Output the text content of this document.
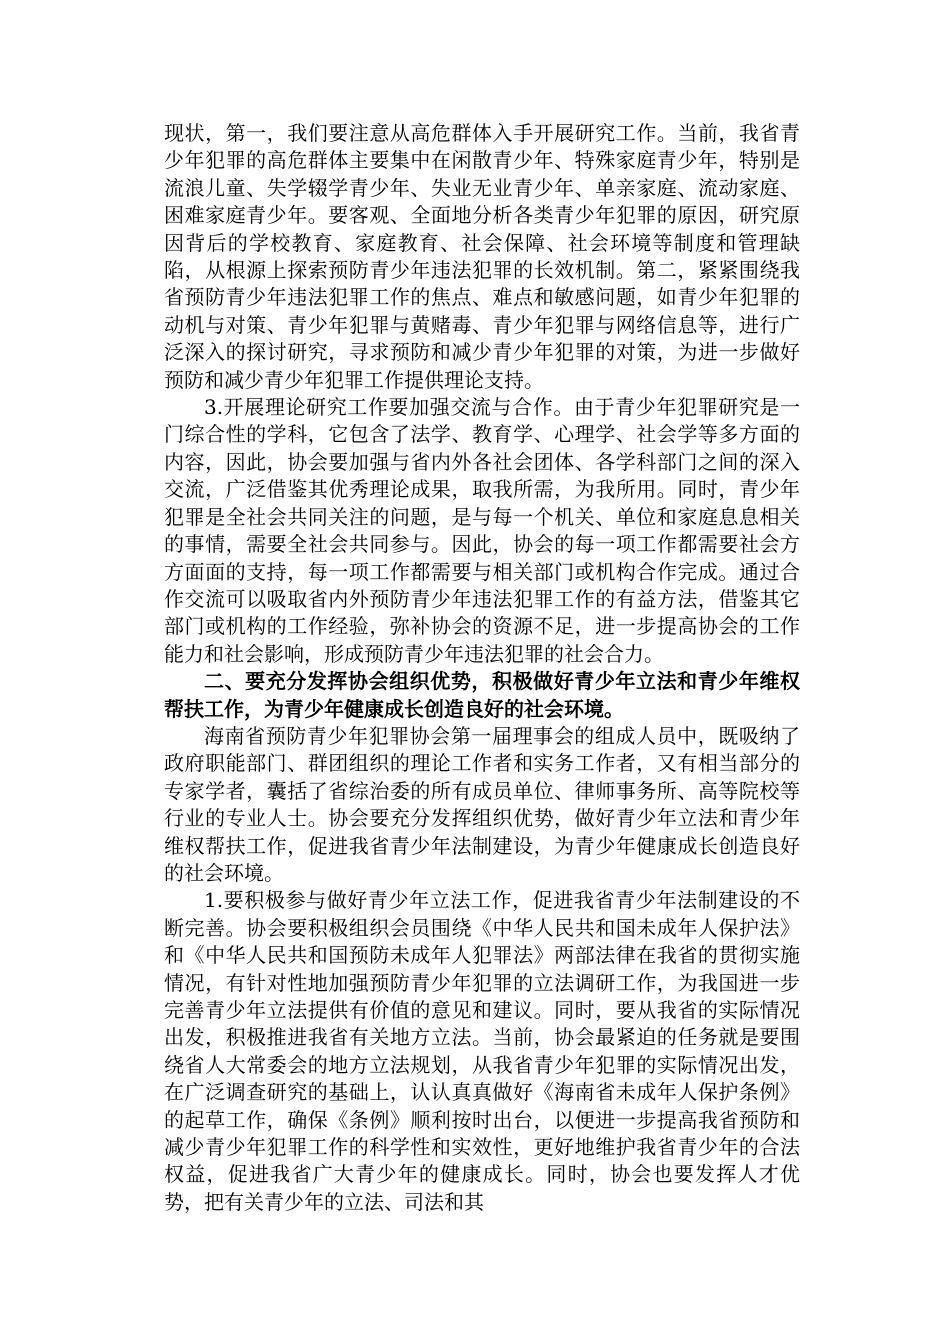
现状，第一，我们要注意从高危群体入手开展研究工作。当前，我省青少年犯罪的高危群体主要集中在闲散青少年、特殊家庭青少年，特别是流浪儿童、失学辍学青少年、失业无业青少年、单亲家庭、流动家庭、困难家庭青少年。要客观、全面地分析各类青少年犯罪的原因，研究原因背后的学校教育、家庭教育、社会保障、社会环境等制度和管理缺陷，从根源上探索预防青少年违法犯罪的长效机制。第二，紧紧围绕我省预防青少年违法犯罪工作的焦点、难点和敏感问题，如青少年犯罪的动机与对策、青少年犯罪与黄赌毒、青少年犯罪与网络信息等，进行广泛深入的探讨研究，寻求预防和减少青少年犯罪的对策，为进一步做好预防和减少青少年犯罪工作提供理论支持。

3.开展理论研究工作要加强交流与合作。由于青少年犯罪研究是一门综合性的学科，它包含了法学、教育学、心理学、社会学等多方面的内容，因此，协会要加强与省内外各社会团体、各学科部门之间的深入交流，广泛借鉴其优秀理论成果，取我所需，为我所用。同时，青少年犯罪是全社会共同关注的问题，是与每一个机关、单位和家庭息息相关的事情，需要全社会共同参与。因此，协会的每一项工作都需要社会方方面面的支持，每一项工作都需要与相关部门或机构合作完成。通过合作交流可以吸取省内外预防青少年违法犯罪工作的有益方法，借鉴其它部门或机构的工作经验，弥补协会的资源不足，进一步提高协会的工作能力和社会影响，形成预防青少年违法犯罪的社会合力。

二、要充分发挥协会组织优势，积极做好青少年立法和青少年维权帮扶工作，为青少年健康成长创造良好的社会环境。

海南省预防青少年犯罪协会第一届理事会的组成人员中，既吸纳了政府职能部门、群团组织的理论工作者和实务工作者，又有相当部分的专家学者，囊括了省综治委的所有成员单位、律师事务所、高等院校等行业的专业人士。协会要充分发挥组织优势，做好青少年立法和青少年维权帮扶工作，促进我省青少年法制建设，为青少年健康成长创造良好的社会环境。

1.要积极参与做好青少年立法工作，促进我省青少年法制建设的不断完善。协会要积极组织会员围绕《中华人民共和国未成年人保护法》和《中华人民共和国预防未成年人犯罪法》两部法律在我省的贯彻实施情况，有针对性地加强预防青少年犯罪的立法调研工作，为我国进一步完善青少年立法提供有价值的意见和建议。同时，要从我省的实际情况出发，积极推进我省有关地方立法。当前，协会最紧迫的任务就是要围绕省人大常委会的地方立法规划，从我省青少年犯罪的实际情况出发，在广泛调查研究的基础上，认认真真做好《海南省未成年人保护条例》的起草工作，确保《条例》顺利按时出台，以便进一步提高我省预防和减少青少年犯罪工作的科学性和实效性，更好地维护我省青少年的合法权益，促进我省广大青少年的健康成长。同时，协会也要发挥人才优势，把有关青少年的立法、司法和其
